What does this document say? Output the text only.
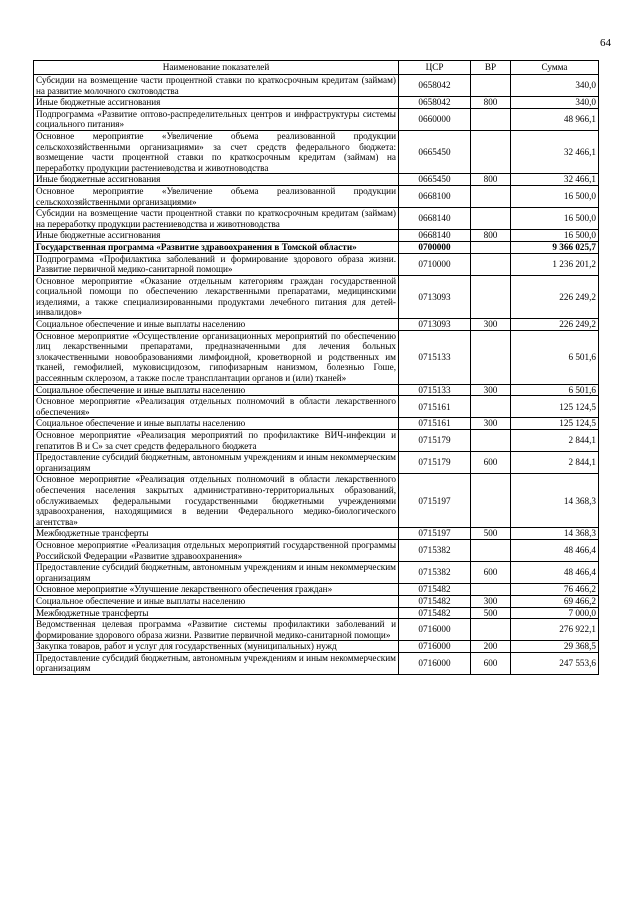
64
Наименование показателей	ЦСР	ВР	Сумма
Субсидии на возмещение части процентной ставки по краткосрочным кредитам (займам) на развитие молочного скотоводства	0658042		340,0
Иные бюджетные ассигнования	0658042	800	340,0
Подпрограмма «Развитие оптово-распределительных центров и инфраструктуры системы социального питания»	0660000		48 966,1
Основное мероприятие «Увеличение объема реализованной продукции сельскохозяйственными организациями» за счет средств федерального бюджета: возмещение части процентной ставки по краткосрочным кредитам (займам) на переработку продукции растениеводства и животноводства	0665450		32 466,1
Иные бюджетные ассигнования	0665450	800	32 466,1
Основное мероприятие «Увеличение объема реализованной продукции сельскохозяйственными организациями»	0668100		16 500,0
Субсидии на возмещение части процентной ставки по краткосрочным кредитам (займам) на переработку продукции растениеводства и животноводства	0668140		16 500,0
Иные бюджетные ассигнования	0668140	800	16 500,0
Государственная программа «Развитие здравоохранения в Томской области»	0700000		9 366 025,7
Подпрограмма «Профилактика заболеваний и формирование здорового образа жизни. Развитие первичной медико-санитарной помощи»	0710000		1 236 201,2
Основное мероприятие «Оказание отдельным категориям граждан государственной социальной помощи по обеспечению лекарственными препаратами, медицинскими изделиями, а также специализированными продуктами лечебного питания для детей-инвалидов»	0713093		226 249,2
Социальное обеспечение и иные выплаты населению	0713093	300	226 249,2
Основное мероприятие «Осуществление организационных мероприятий по обеспечению лиц лекарственными препаратами, предназначенными для лечения больных злокачественными новообразованиями лимфоидной, кроветворной и родственных им тканей, гемофилией, муковисцидозом, гипофизарным нанизмом, болезнью Гоше, рассеянным склерозом, а также после трансплантации органов и (или) тканей»	0715133		6 501,6
Социальное обеспечение и иные выплаты населению	0715133	300	6 501,6
Основное мероприятие «Реализация отдельных полномочий в области лекарственного обеспечения»	0715161		125 124,5
Социальное обеспечение и иные выплаты населению	0715161	300	125 124,5
Основное мероприятие «Реализация мероприятий по профилактике ВИЧ-инфекции и гепатитов В и С» за счет средств федерального бюджета	0715179		2 844,1
Предоставление субсидий бюджетным, автономным учреждениям и иным некоммерческим организациям	0715179	600	2 844,1
Основное мероприятие «Реализация отдельных полномочий в области лекарственного обеспечения населения закрытых административно-территориальных образований, обслуживаемых федеральными государственными бюджетными учреждениями здравоохранения, находящимися в ведении Федерального медико-биологического агентства»	0715197		14 368,3
Межбюджетные трансферты	0715197	500	14 368,3
Основное мероприятие «Реализация отдельных мероприятий государственной программы Российской Федерации «Развитие здравоохранения»	0715382		48 466,4
Предоставление субсидий бюджетным, автономным учреждениям и иным некоммерческим организациям	0715382	600	48 466,4
Основное мероприятие «Улучшение лекарственного обеспечения граждан»	0715482		76 466,2
Социальное обеспечение и иные выплаты населению	0715482	300	69 466,2
Межбюджетные трансферты	0715482	500	7 000,0
Ведомственная целевая программа «Развитие системы профилактики заболеваний и формирование здорового образа жизни. Развитие первичной медико-санитарной помощи»	0716000		276 922,1
Закупка товаров, работ и услуг для государственных (муниципальных) нужд	0716000	200	29 368,5
Предоставление субсидий бюджетным, автономным учреждениям и иным некоммерческим организациям	0716000	600	247 553,6
